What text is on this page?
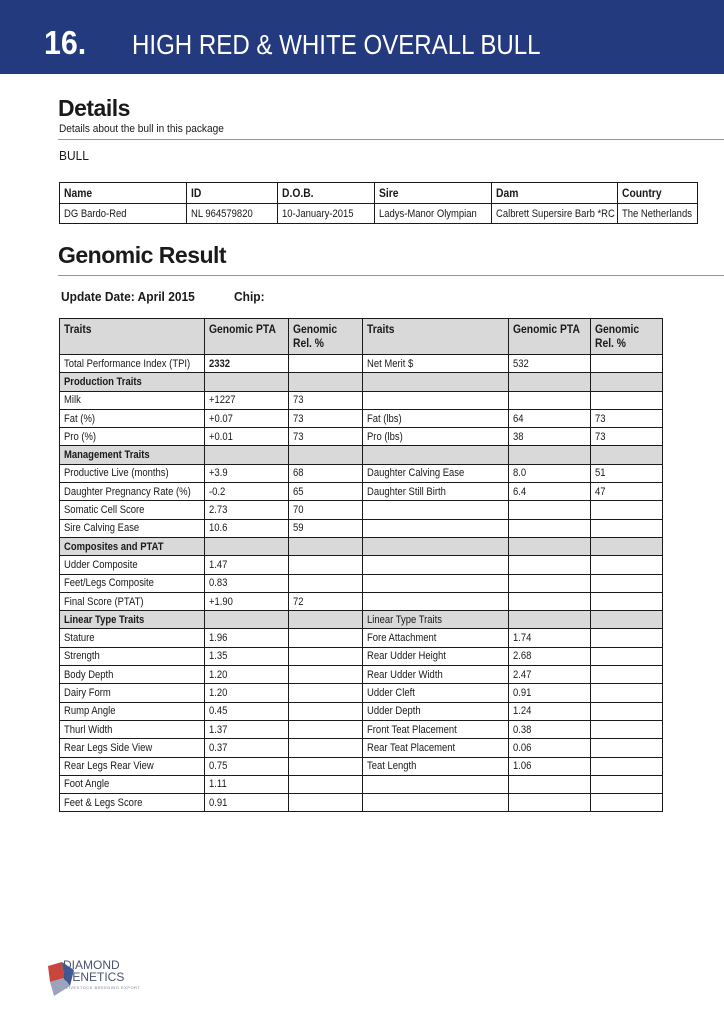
16. HIGH RED & WHITE OVERALL BULL
Details
Details about the bull in this package
BULL
Name	ID	D.O.B.	Sire	Dam	Country
DG Bardo-Red	NL 964579820	10-January-2015	Ladys-Manor Olympian	Calbrett Supersire Barb *RC	The Netherlands
Genomic Result
Update Date: April 2015	Chip:
Traits	Genomic PTA	Genomic Rel. %	Traits	Genomic PTA	Genomic Rel. %
Total Performance Index (TPI)	2332		Net Merit $	532	
Production Traits					
Milk	+1227	73			
Fat (%)	+0.07	73	Fat (lbs)	64	73
Pro (%)	+0.01	73	Pro (lbs)	38	73
Management Traits					
Productive Live (months)	+3.9	68	Daughter Calving Ease	8.0	51
Daughter Pregnancy Rate (%)	-0.2	65	Daughter Still Birth	6.4	47
Somatic Cell Score	2.73	70			
Sire Calving Ease	10.6	59			
Composites and PTAT					
Udder Composite	1.47				
Feet/Legs Composite	0.83				
Final Score (PTAT)	+1.90	72			
Linear Type Traits			Linear Type Traits		
Stature	1.96		Fore Attachment	1.74	
Strength	1.35		Rear Udder Height	2.68	
Body Depth	1.20		Rear Udder Width	2.47	
Dairy Form	1.20		Udder Cleft	0.91	
Rump Angle	0.45		Udder Depth	1.24	
Thurl Width	1.37		Front Teat Placement	0.38	
Rear Legs Side View	0.37		Rear Teat Placement	0.06	
Rear Legs Rear View	0.75		Teat Length	1.06	
Foot Angle	1.11				
Feet & Legs Score	0.91				
DIAMOND
GENETICS
LIVESTOCK BREEDING EXPORT
